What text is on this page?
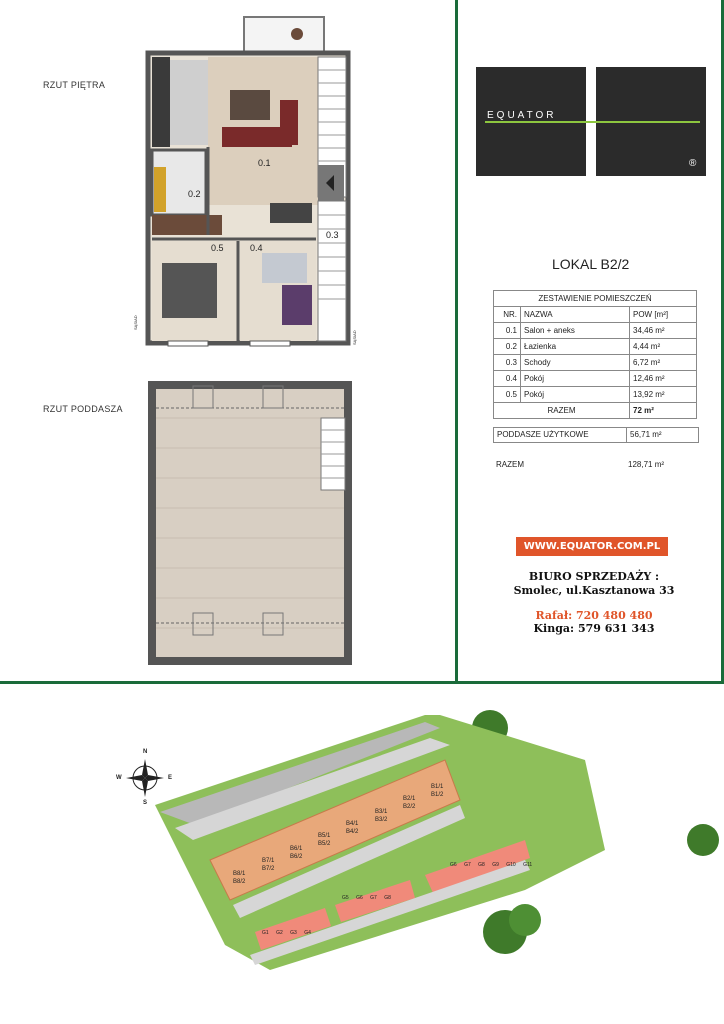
RZUT PIĘTRA
RZUT PODDASZA
0.1
0.2
0.3
0.4
0.5
SĄSIAD
SĄSIAD
EQUATOR
®
LOKAL B2/2
ZESTAWIENIE POMIESZCZEŃ		
NR.	NAZWA	POW [m²]
0.1	Salon + aneks	34,46 m²
0.2	Łazienka	4,44 m²
0.3	Schody	6,72 m²
0.4	Pokój	12,46 m²
0.5	Pokój	13,92 m²
RAZEM		72 m²
PODDASZE UŻYTKOWE	56,71 m²
RAZEM	128,71 m²
WWW.EQUATOR.COM.PL
BIURO SPRZEDAŻY :
Smolec, ul.Kasztanowa 33
Rafał: 720 480 480
Kinga: 579 631 343
B8/1
B8/2
B7/1
B7/2
B6/1
B6/2
B5/1
B5/2
B4/1
B4/2
B3/1
B3/2
B2/1
B2/2
B1/1
B1/2
G6 G7 G8 G9 G10 G11
G5 G6 G7 G8
G1 G2 G3 G4
N
S
E
W
